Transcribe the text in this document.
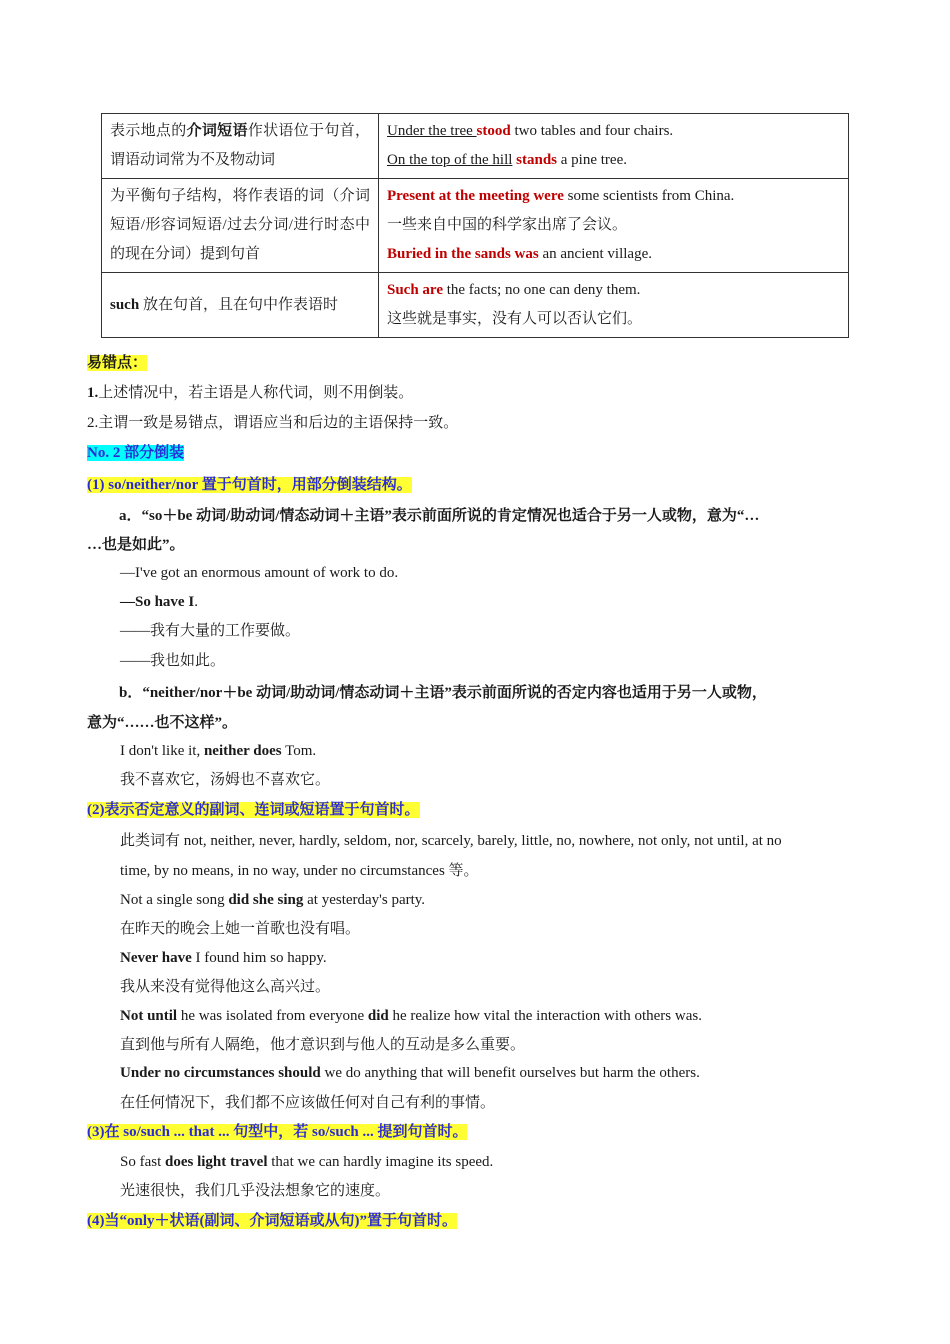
表示地点的介词短语作状语位于句首，谓语动词常为不及物动词	Under the tree stood two tables and four chairs.
On the top of the hill stands a pine tree.

为平衡句子结构，将作表语的词（介词短语/形容词短语/过去分词/进行时态中的现在分词）提到句首	Present at the meeting were some scientists from China.
一些来自中国的科学家出席了会议。
Buried in the sands was an ancient village.

such 放在句首，且在句中作表语时	Such are the facts; no one can deny them.
这些就是事实，没有人可以否认它们。
易错点：
1.上述情况中，若主语是人称代词，则不用倒装。
2.主谓一致是易错点，谓语应当和后边的主语保持一致。
No. 2 部分倒装
(1) so/neither/nor 置于句首时，用部分倒装结构。
a．“so＋be 动词/助动词/情态动词＋主语”表示前面所说的肯定情况也适合于另一人或物，意为“…
…也是如此”。
—I've got an enormous amount of work to do.
—So have I.
——我有大量的工作要做。
——我也如此。
b．“neither/nor＋be 动词/助动词/情态动词＋主语”表示前面所说的否定内容也适用于另一人或物，
意为“……也不这样”。
I don't like it, neither does Tom.
我不喜欢它，汤姆也不喜欢它。
(2)表示否定意义的副词、连词或短语置于句首时。
此类词有 not, neither, never, hardly, seldom, nor, scarcely, barely, little, no, nowhere, not only, not until, at no
time, by no means, in no way, under no circumstances 等。
Not a single song did she sing at yesterday's party.
在昨天的晚会上她一首歌也没有唱。
Never have I found him so happy.
我从来没有觉得他这么高兴过。
Not until he was isolated from everyone did he realize how vital the interaction with others was.
直到他与所有人隔绝，他才意识到与他人的互动是多么重要。
Under no circumstances should we do anything that will benefit ourselves but harm the others.
在任何情况下，我们都不应该做任何对自己有利的事情。
(3)在 so/such ... that ... 句型中，若 so/such ... 提到句首时。
So fast does light travel that we can hardly imagine its speed.
光速很快，我们几乎没法想象它的速度。
(4)当“only＋状语(副词、介词短语或从句)”置于句首时。
